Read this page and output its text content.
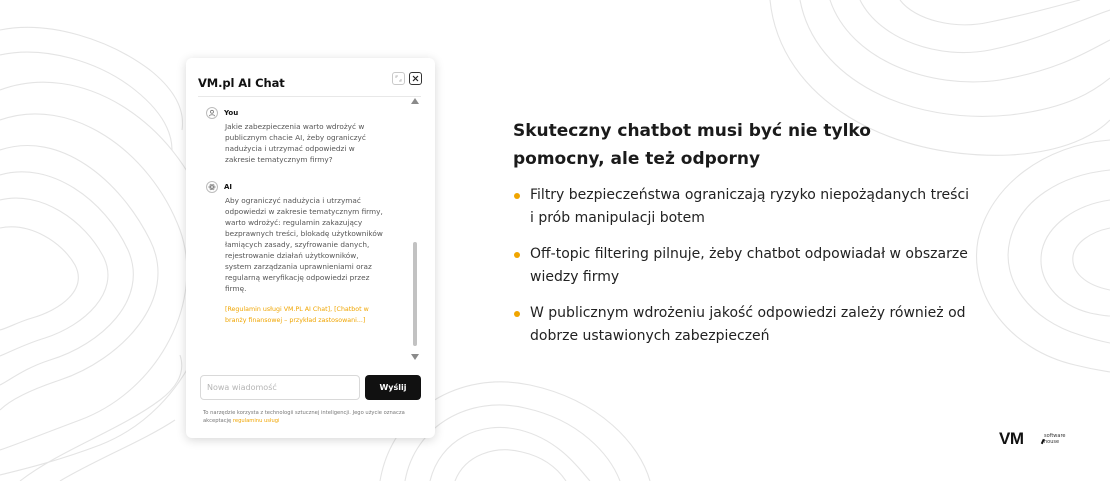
VM.pl AI Chat
You
Jakie zabezpieczenia warto wdrożyć w publicznym chacie AI, żeby ograniczyć nadużycia i utrzymać odpowiedzi w zakresie tematycznym firmy?
AI
Aby ograniczyć nadużycia i utrzymać odpowiedzi w zakresie tematycznym firmy, warto wdrożyć: regulamin zakazujący bezprawnych treści, blokadę użytkowników łamiących zasady, szyfrowanie danych, rejestrowanie działań użytkowników, system zarządzania uprawnieniami oraz regularną weryfikację odpowiedzi przez firmę.
[Regulamin usługi VM.PL AI Chat], [Chatbot w branży finansowej – przykład zastosowani...]
Nowa wiadomość
Wyślij
To narzędzie korzysta z technologii sztucznej inteligencji. Jego użycie oznacza akceptację regulaminu usługi
Skuteczny chatbot musi być nie tylko pomocny, ale też odporny
Filtry bezpieczeństwa ograniczają ryzyko niepożądanych treści i prób manipulacji botem
Off-topic filtering pilnuje, żeby chatbot odpowiadał w obszarze wiedzy firmy
W publicznym wdrożeniu jakość odpowiedzi zależy również od dobrze ustawionych zabezpieczeń
VM	software
house
